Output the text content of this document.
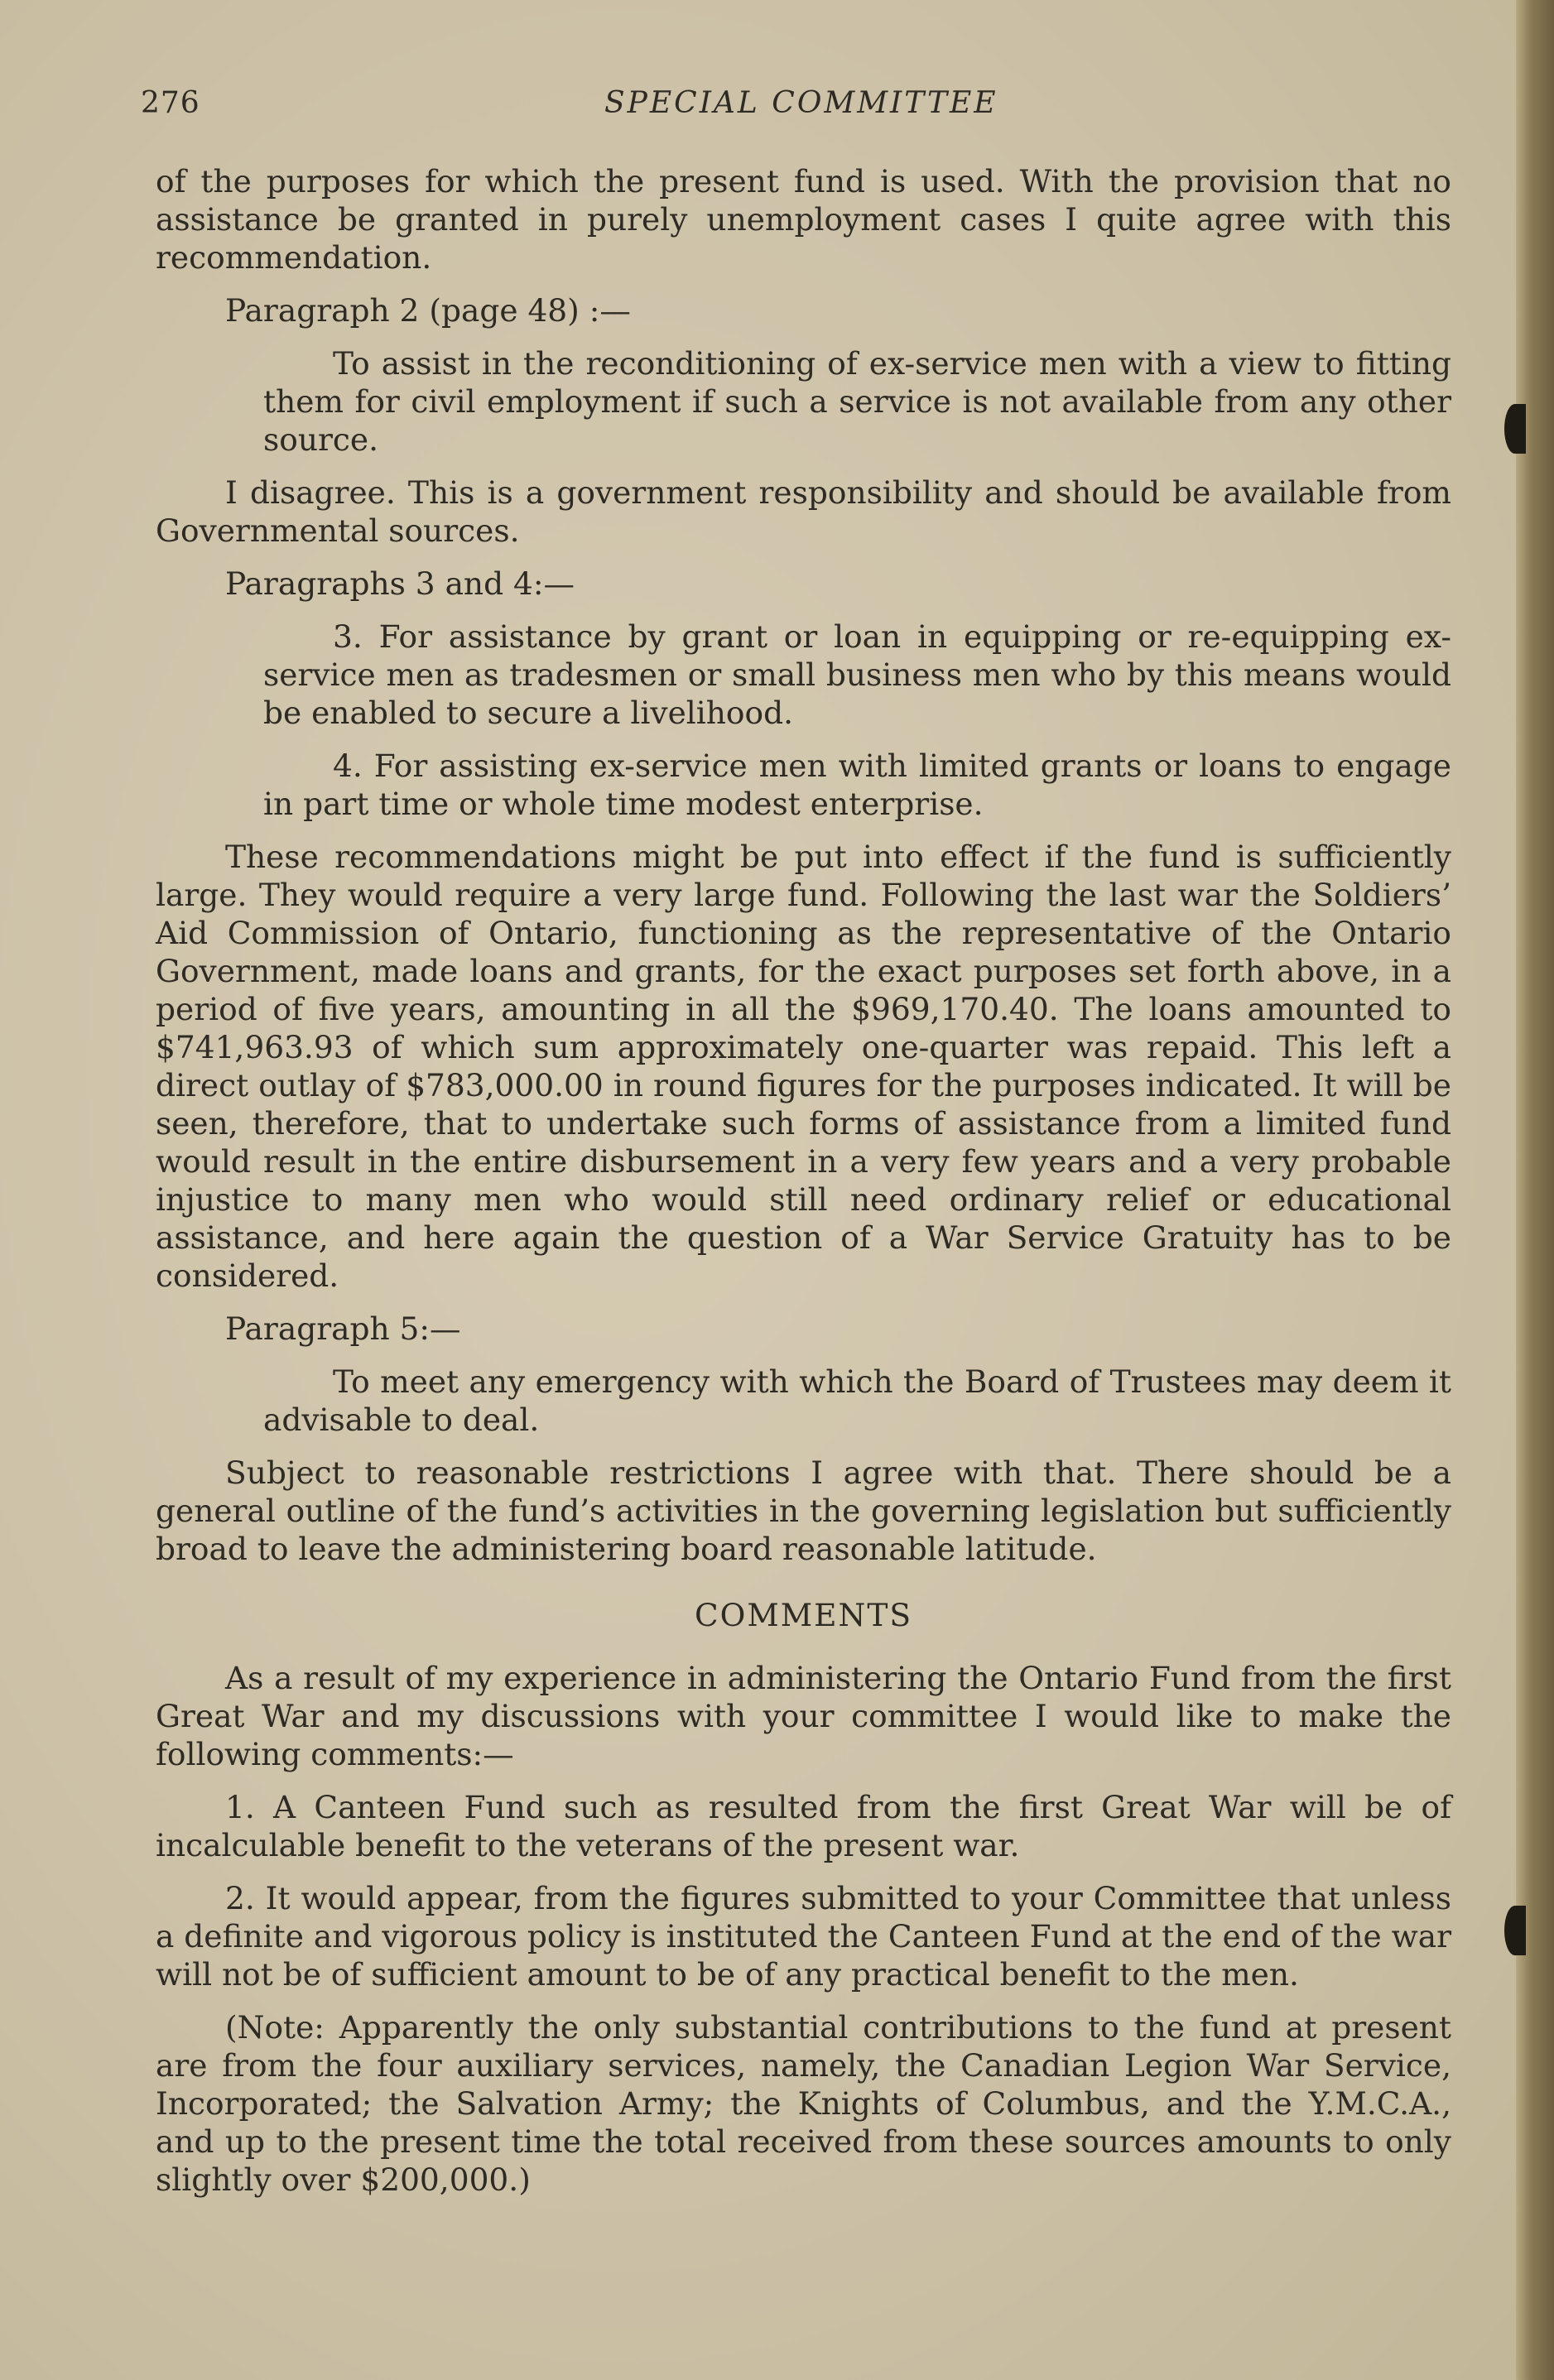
276	SPECIAL COMMITTEE

of the purposes for which the present fund is used. With the provision that no assistance be granted in purely unemployment cases I quite agree with this recommendation.

Paragraph 2 (page 48) :—

To assist in the reconditioning of ex-service men with a view to fitting them for civil employment if such a service is not available from any other source.

I disagree. This is a government responsibility and should be available from Governmental sources.

Paragraphs 3 and 4:—

3. For assistance by grant or loan in equipping or re-equipping ex-service men as tradesmen or small business men who by this means would be enabled to secure a livelihood.

4. For assisting ex-service men with limited grants or loans to engage in part time or whole time modest enterprise.

These recommendations might be put into effect if the fund is sufficiently large. They would require a very large fund. Following the last war the Soldiers’ Aid Commission of Ontario, functioning as the representative of the Ontario Government, made loans and grants, for the exact purposes set forth above, in a period of five years, amounting in all the $969,170.40. The loans amounted to $741,963.93 of which sum approximately one-quarter was repaid. This left a direct outlay of $783,000.00 in round figures for the purposes indicated. It will be seen, therefore, that to undertake such forms of assistance from a limited fund would result in the entire disbursement in a very few years and a very probable injustice to many men who would still need ordinary relief or educational assistance, and here again the question of a War Service Gratuity has to be considered.

Paragraph 5:—

To meet any emergency with which the Board of Trustees may deem it advisable to deal.

Subject to reasonable restrictions I agree with that. There should be a general outline of the fund’s activities in the governing legislation but sufficiently broad to leave the administering board reasonable latitude.

COMMENTS

As a result of my experience in administering the Ontario Fund from the first Great War and my discussions with your committee I would like to make the following comments:—

1. A Canteen Fund such as resulted from the first Great War will be of incalculable benefit to the veterans of the present war.

2. It would appear, from the figures submitted to your Committee that unless a definite and vigorous policy is instituted the Canteen Fund at the end of the war will not be of sufficient amount to be of any practical benefit to the men.

(Note: Apparently the only substantial contributions to the fund at present are from the four auxiliary services, namely, the Canadian Legion War Service, Incorporated; the Salvation Army; the Knights of Columbus, and the Y.M.C.A., and up to the present time the total received from these sources amounts to only slightly over $200,000.)
